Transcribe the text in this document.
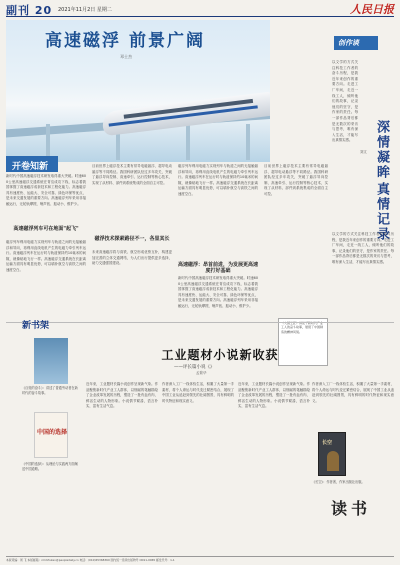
副刊 20 2021年11月2日 星期二	人民日报
高速磁浮 前景广阔
邓士杰
开卷知新
新时代中国高速磁浮技术研发取得重大突破。时速600公里高速磁浮交通系统在青岛成功下线，标志着我国掌握了高速磁浮成套技术和工程化能力。高速磁浮具有速度快、运能大、安全可靠、绿色环保等优点，是未来交通发展的重要方向。高速磁浮列车采用非接触运行，无轮轨摩擦，噪声低、振动小、维护少。
高速磁浮列车可在地面"起飞"
磁浮列车利用电磁力实现列车与轨道之间的无接触悬浮和导向，再利用直线电机产生的电磁力牵引列车运行。高速磁浮列车在运行时与轨道保持约10毫米的间隙，就像贴地飞行一样。高速磁浮交通系统在长距离运输方面具有明显优势，可以填补航空与高铁之间的速度空白。
目前世界上磁浮技术主要有常导电磁悬浮、超导电动悬浮等不同路径。我国科研团队经过多年攻关，突破了悬浮导向控制、高速牵引、运行控制等核心技术，实现了从材料、部件到系统集成的全面自主可控。
磁浮技术探索路径不一，各显其长
未来高速磁浮将与高铁、航空形成优势互补，构建更加完善的立体交通网络，为人们出行提供更多选择，助力交通强国建设。
磁浮列车利用电磁力实现列车与轨道之间的无接触悬浮和导向，再利用直线电机产生的电磁力牵引列车运行。高速磁浮列车在运行时与轨道保持约10毫米的间隙，就像贴地飞行一样。高速磁浮交通系统在长距离运输方面具有明显优势，可以填补航空与高铁之间的速度空白。
高速磁浮：昂首前进，为发展更高速度打好基础
新时代中国高速磁浮技术研发取得重大突破。时速600公里高速磁浮交通系统在青岛成功下线，标志着我国掌握了高速磁浮成套技术和工程化能力。高速磁浮具有速度快、运能大、安全可靠、绿色环保等优点，是未来交通发展的重要方向。高速磁浮列车采用非接触运行，无轮轨摩擦，噪声低、振动小、维护少。
目前世界上磁浮技术主要有常导电磁悬浮、超导电动悬浮等不同路径。我国科研团队经过多年攻关，突破了悬浮导向控制、高速牵引、运行控制等核心技术，实现了从材料、部件到系统集成的全面自主可控。
以文学的方式关注科技工作者的奋斗历程，是我近年来创作的重要方向。走进工厂车间，走近一线工人，倾听他们的故事，记录他们的坚守，是作家的责任。每一部作品背后都是无数次的采访与思考，唯有深入生活，才能写出真情实感。
创作谈
深情凝眸
真情记录
刘文
以文学的方式关注科技工作者的奋斗历程，是我近年来创作的重要方向。走进工厂车间，走近一线工人，倾听他们的故事，记录他们的坚守，是作家的责任。每一部作品背后都是无数次的采访与思考，唯有深入生活，才能写出真情实感。
《大国工匠》讲述了新时代产业工人的奋斗故事，展现了中国制造的精神风貌。
新书架
《百姓的奋斗》：讲述了普通劳动者在新时代的奋斗故事。
中国的选择
《中国的选择》：从理论与实践两方面阐述中国道路。
工业题材小说新收获
——评长篇小说《》
孟繁华
近年来，工业题材长篇小说创作呈现新气象。作品聚焦新时代产业工人群体，以细腻的笔触描绘了企业改革发展的历程，塑造了一批有血有肉、鲜活生动的人物形象。小说情节紧凑，语言朴实，富有生活气息。
作者深入工厂一线体验生活，积累了大量第一手素材，将个人命运与时代变迁紧密结合，展现了中国工业从追赶到领先的壮阔图景，具有鲜明的时代特征和现实意义。
近年来，工业题材长篇小说创作呈现新气象。作品聚焦新时代产业工人群体，以细腻的笔触描绘了企业改革发展的历程，塑造了一批有血有肉、鲜活生动的人物形象。小说情节紧凑，语言朴实，富有生活气息。
作者深入工厂一线体验生活，积累了大量第一手素材，将个人命运与时代变迁紧密结合，展现了中国工业从追赶到领先的壮阔图景，具有鲜明的时代特征和现实意义。
长空
《长空》：作者著，作家出版社出版。
读书
本版责编：周 飞 本版邮箱：rmrbfukan@peopledaily.cn 电话：(010)65368360 国内统一连续出版物号 CN11-0065 邮发代号：1-1
